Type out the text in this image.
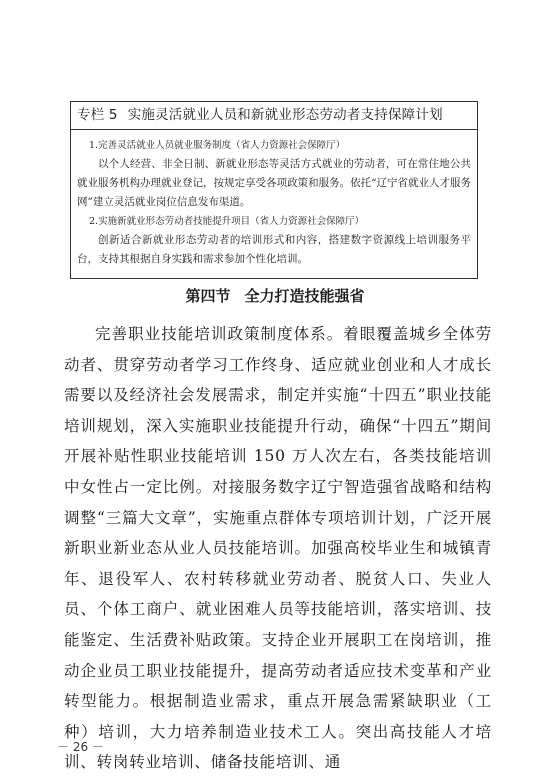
专栏 5 实施灵活就业人员和新就业形态劳动者支持保障计划
1.完善灵活就业人员就业服务制度（省人力资源社会保障厅）
以个人经营、非全日制、新就业形态等灵活方式就业的劳动者，可在常住地公共就业服务机构办理就业登记，按规定享受各项政策和服务。依托“辽宁省就业人才服务网”建立灵活就业岗位信息发布渠道。
2.实施新就业形态劳动者技能提升项目（省人力资源社会保障厅）
创新适合新就业形态劳动者的培训形式和内容，搭建数字资源线上培训服务平台，支持其根据自身实践和需求参加个性化培训。
第四节 全力打造技能强省
完善职业技能培训政策制度体系。着眼覆盖城乡全体劳动者、贯穿劳动者学习工作终身、适应就业创业和人才成长需要以及经济社会发展需求，制定并实施“十四五”职业技能培训规划，深入实施职业技能提升行动，确保“十四五”期间开展补贴性职业技能培训 150 万人次左右，各类技能培训中女性占一定比例。对接服务数字辽宁智造强省战略和结构调整“三篇大文章”，实施重点群体专项培训计划，广泛开展新职业新业态从业人员技能培训。加强高校毕业生和城镇青年、退役军人、农村转移就业劳动者、脱贫人口、失业人员、个体工商户、就业困难人员等技能培训，落实培训、技能鉴定、生活费补贴政策。支持企业开展职工在岗培训，推动企业员工职业技能提升，提高劳动者适应技术变革和产业转型能力。根据制造业需求，重点开展急需紧缺职业（工种）培训，大力培养制造业技术工人。突出高技能人才培训、转岗转业培训、储备技能培训、通
－ 26 －
